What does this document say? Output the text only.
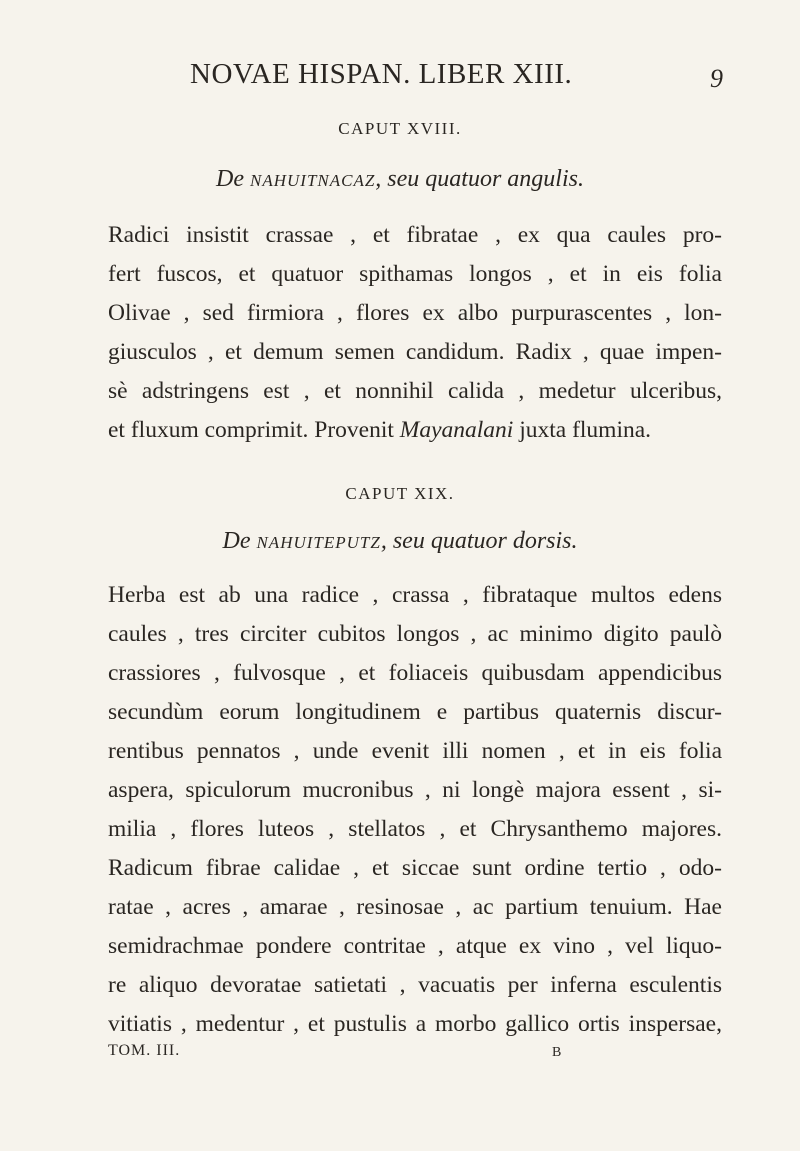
NOVAE HISPAN. LIBER XIII.	9
CAPUT XVIII.
De NAHUITNACAZ, seu quatuor angulis.
Radici insistit crassae , et fibratae , ex qua caules pro-
fert fuscos, et quatuor spithamas longos , et in eis folia
Olivae , sed firmiora , flores ex albo purpurascentes , lon-
giusculos , et demum semen candidum. Radix , quae impen-
sè adstringens est , et nonnihil calida , medetur ulceribus,
et fluxum comprimit. Provenit Mayanalani juxta flumina.
CAPUT XIX.
De NAHUITEPUTZ, seu quatuor dorsis.
Herba est ab una radice , crassa , fibrataque multos edens
caules , tres circiter cubitos longos , ac minimo digito paulò
crassiores , fulvosque , et foliaceis quibusdam appendicibus
secundùm eorum longitudinem e partibus quaternis discur-
rentibus pennatos , unde evenit illi nomen , et in eis folia
aspera, spiculorum mucronibus , ni longè majora essent , si-
milia , flores luteos , stellatos , et Chrysanthemo majores.
Radicum fibrae calidae , et siccae sunt ordine tertio , odo-
ratae , acres , amarae , resinosae , ac partium tenuium. Hae
semidrachmae pondere contritae , atque ex vino , vel liquo-
re aliquo devoratae satietati , vacuatis per inferna esculentis
vitiatis , medentur , et pustulis a morbo gallico ortis inspersae,
TOM. III.	B
